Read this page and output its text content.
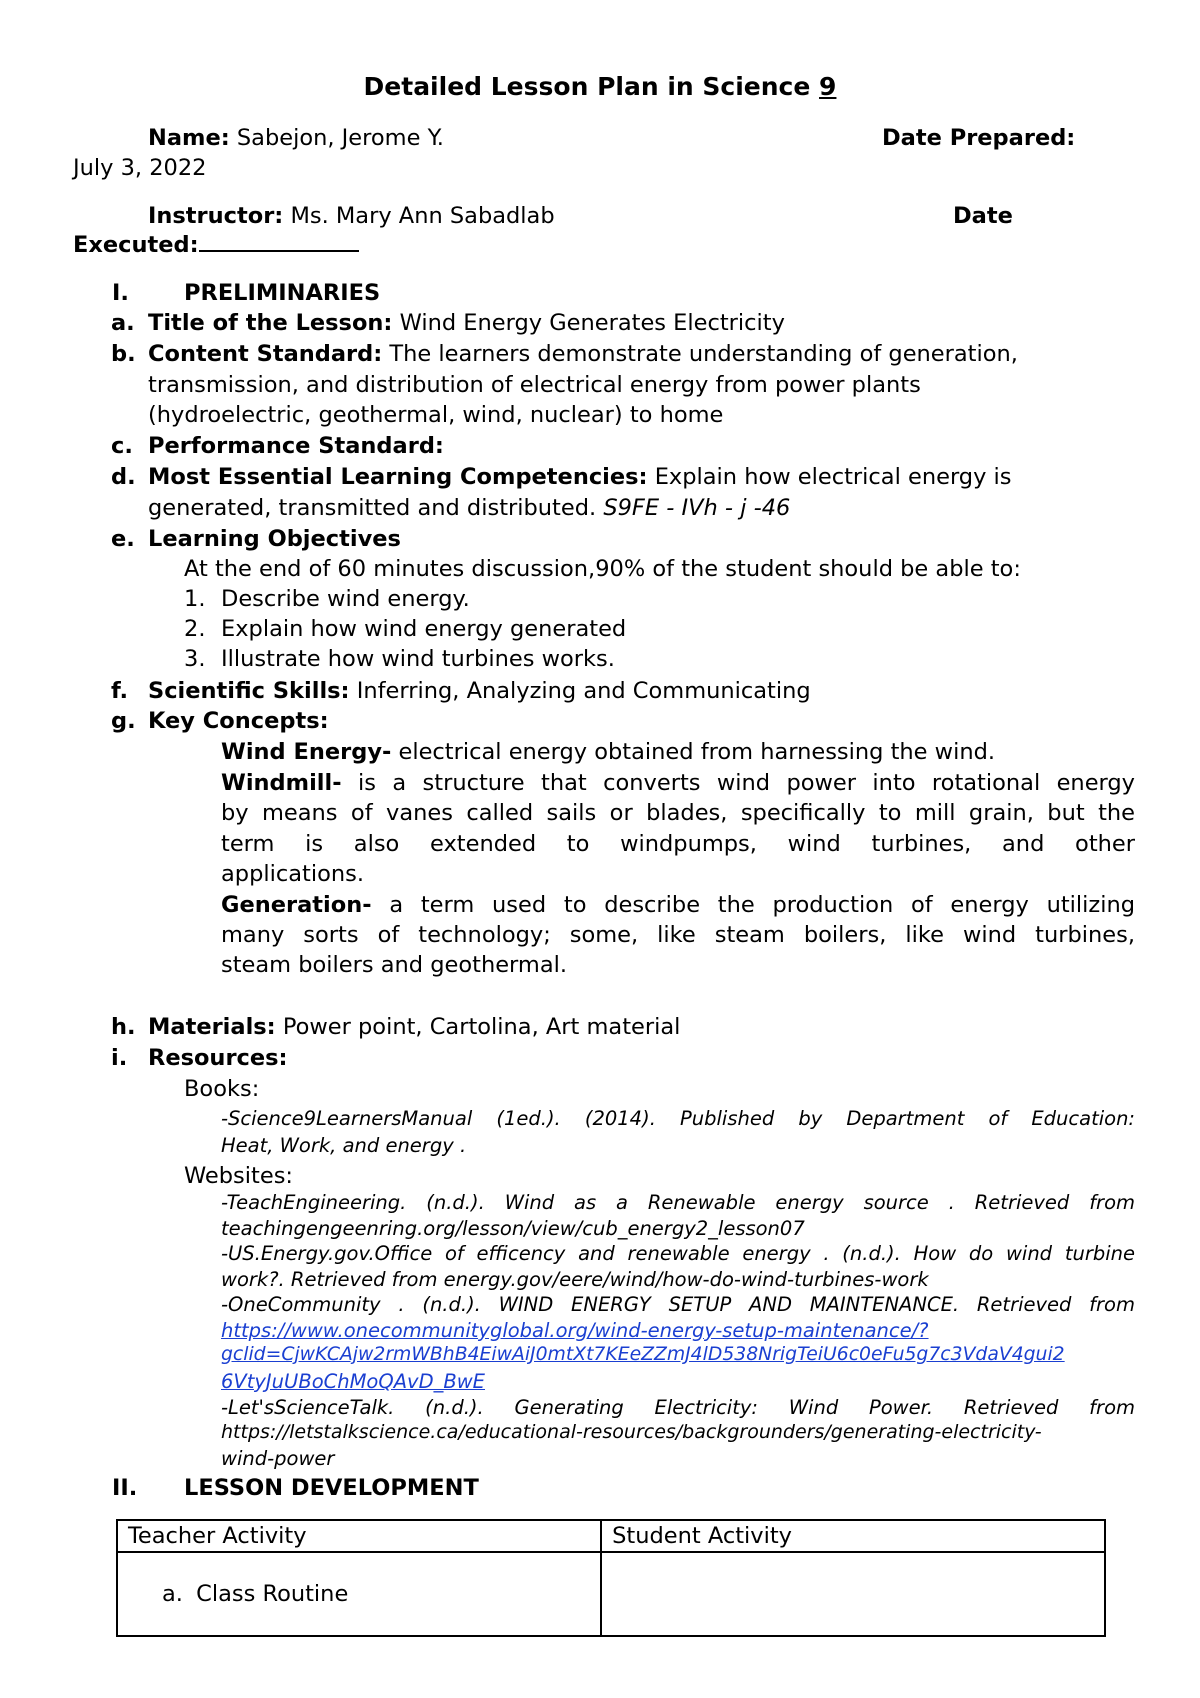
Detailed Lesson Plan in Science 9
Name: Sabejon, Jerome Y.	Date Prepared:
July 3, 2022
Instructor: Ms. Mary Ann Sabadlab	Date
Executed:
I. PRELIMINARIES
a. Title of the Lesson: Wind Energy Generates Electricity
b. Content Standard: The learners demonstrate understanding of generation,
transmission, and distribution of electrical energy from power plants
(hydroelectric, geothermal, wind, nuclear) to home
c. Performance Standard:
d. Most Essential Learning Competencies: Explain how electrical energy is
generated, transmitted and distributed. S9FE - IVh - j -46
e. Learning Objectives
At the end of 60 minutes discussion,90% of the student should be able to:
1. Describe wind energy.
2. Explain how wind energy generated
3. Illustrate how wind turbines works.
f. Scientific Skills: Inferring, Analyzing and Communicating
g. Key Concepts:
Wind Energy- electrical energy obtained from harnessing the wind.
Windmill- is a structure that converts wind power into rotational energy
by means of vanes called sails or blades, specifically to mill grain, but the
term is also extended to windpumps, wind turbines, and other
applications.
Generation- a term used to describe the production of energy utilizing
many sorts of technology; some, like steam boilers, like wind turbines,
steam boilers and geothermal.
h. Materials: Power point, Cartolina, Art material
i. Resources:
Books:
-Science9LearnersManual (1ed.). (2014). Published by Department of Education:
Heat, Work, and energy .
Websites:
-TeachEngineering. (n.d.). Wind as a Renewable energy source . Retrieved from
teachingengeenring.org/lesson/view/cub_energy2_lesson07
-US.Energy.gov.Office of efficency and renewable energy . (n.d.). How do wind turbine
work?. Retrieved from energy.gov/eere/wind/how-do-wind-turbines-work
-OneCommunity . (n.d.). WIND ENERGY SETUP AND MAINTENANCE. Retrieved from
https://www.onecommunityglobal.org/wind-energy-setup-maintenance/?
gclid=CjwKCAjw2rmWBhB4EiwAiJ0mtXt7KEeZZmJ4lD538NrigTeiU6c0eFu5g7c3VdaV4gui2
6VtyJuUBoChMoQAvD_BwE
-Let'sScienceTalk. (n.d.). Generating Electricity: Wind Power. Retrieved from
https://letstalkscience.ca/educational-resources/backgrounders/generating-electricity-
wind-power
II. LESSON DEVELOPMENT
Teacher Activity	Student Activity

a. Class Routine	
